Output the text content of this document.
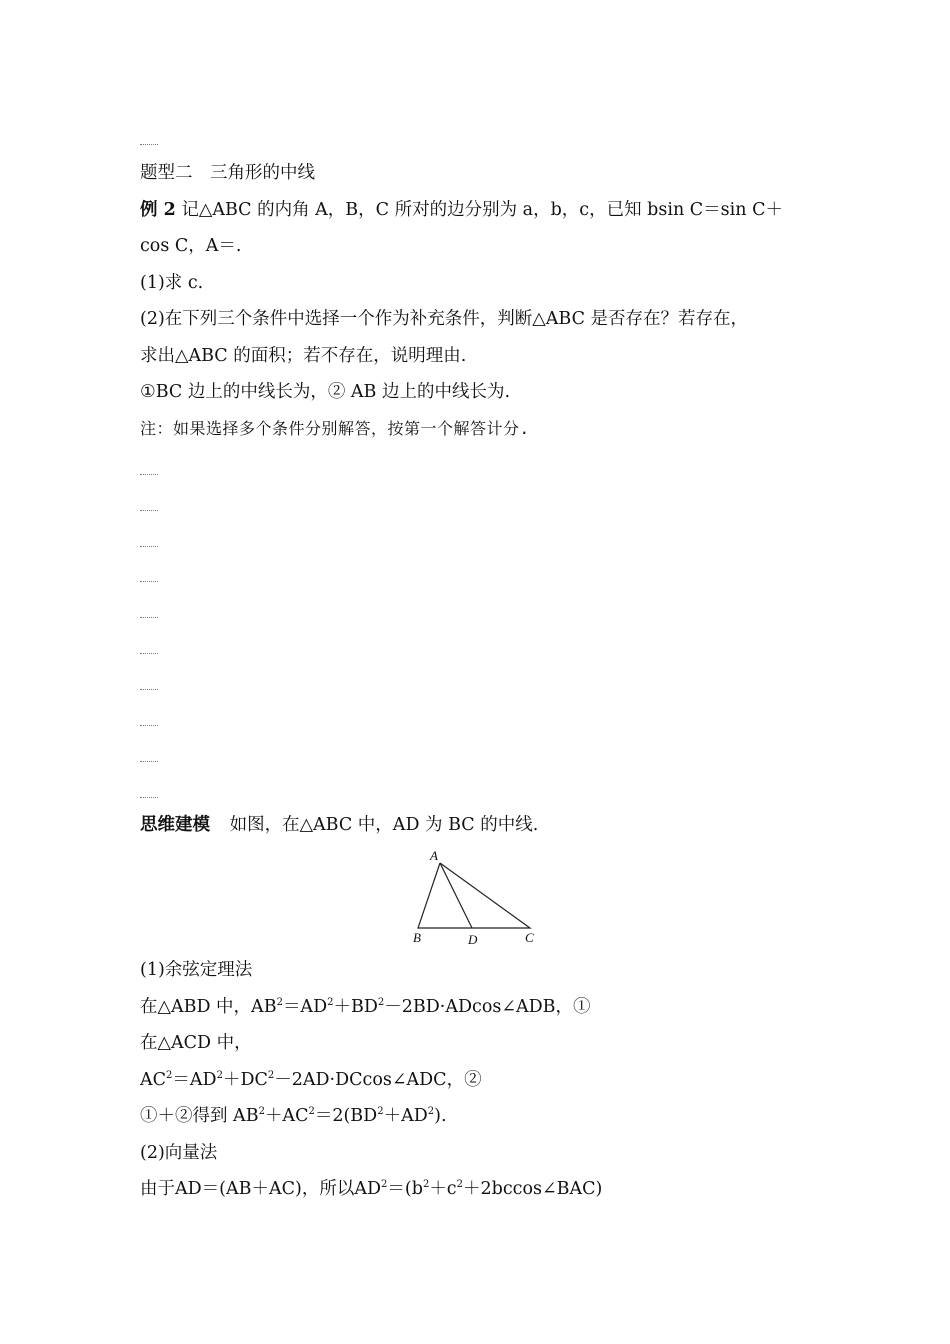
题型二　三角形的中线
例 2 记△ABC 的内角 A，B，C 所对的边分别为 a，b，c，已知 bsin C＝sin C＋
cos C，A＝.
(1)求 c.
(2)在下列三个条件中选择一个作为补充条件，判断△ABC 是否存在？若存在，
求出△ABC 的面积；若不存在，说明理由.
①BC 边上的中线长为，② AB 边上的中线长为.
注：如果选择多个条件分别解答，按第一个解答计分.
思维建模 如图，在△ABC 中，AD 为 BC 的中线.
A
B	D	C
(1)余弦定理法
在△ABD 中，$AB^2=AD^2+BD^2-2BD\cdot ADcos\angle ADB$，①
在△ACD 中，
$AC^2=AD^2+DC^2-2AD\cdot DCcos\angle ADC$，②
①＋②得到 $AB^2+AC^2=2(BD^2+AD^2)$.
(2)向量法
由于AD＝(AB＋AC)，所以$AD^2=(b^2+c^2+2bccos\angle BAC)$
